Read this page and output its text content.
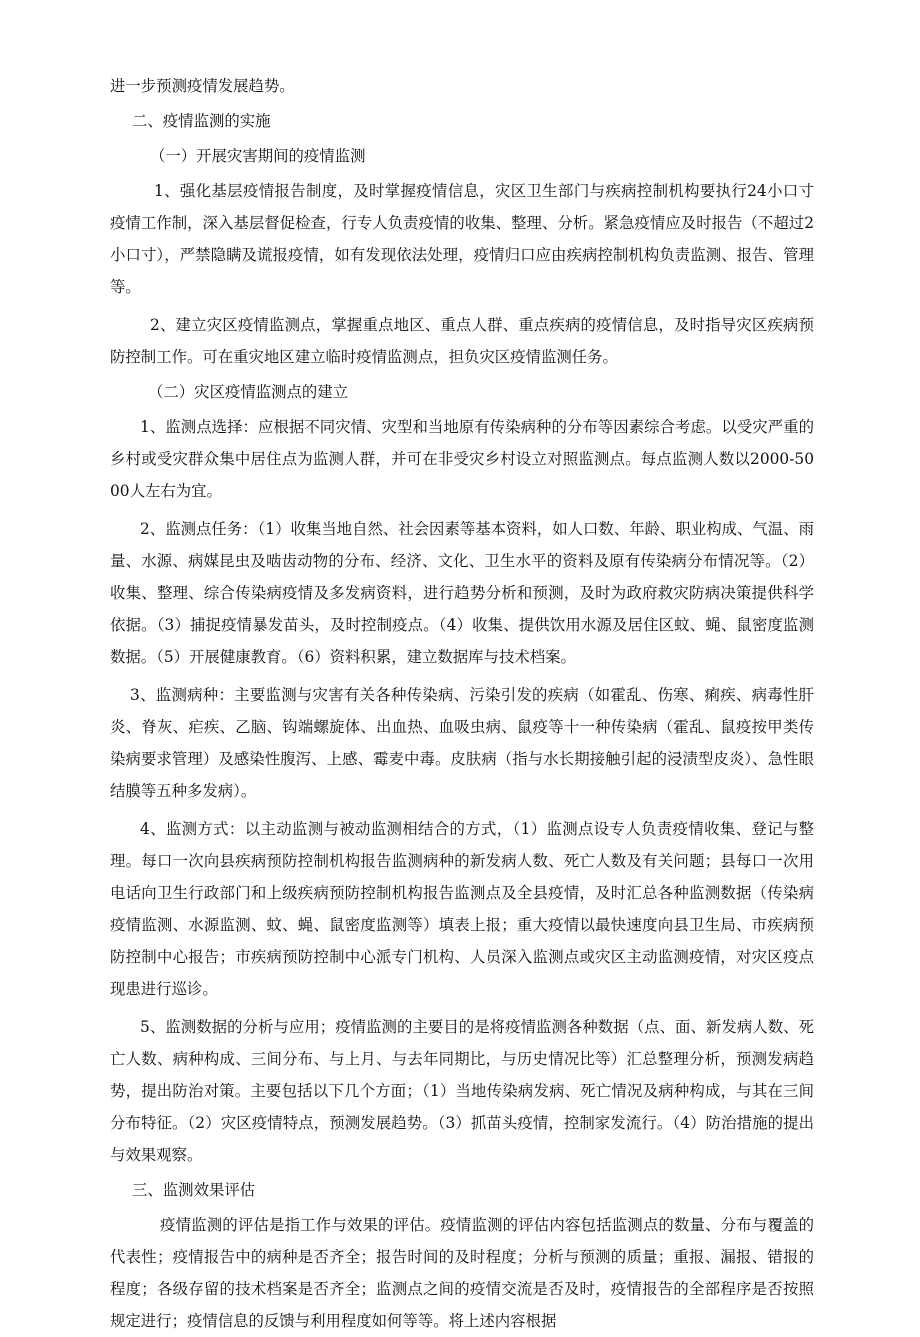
进一步预测疫情发展趋势。

二、疫情监测的实施

（一）开展灾害期间的疫情监测

1、强化基层疫情报告制度，及时掌握疫情信息，灾区卫生部门与疾病控制机构要执行24小口寸疫情工作制，深入基层督促检查，行专人负责疫情的收集、整理、分析。紧急疫情应及时报告（不超过2小口寸），严禁隐瞒及谎报疫情，如有发现依法处理，疫情归口应由疾病控制机构负责监测、报告、管理等。

2、建立灾区疫情监测点，掌握重点地区、重点人群、重点疾病的疫情信息，及时指导灾区疾病预防控制工作。可在重灾地区建立临时疫情监测点，担负灾区疫情监测任务。

（二）灾区疫情监测点的建立

1、监测点选择：应根据不同灾情、灾型和当地原有传染病种的分布等因素综合考虑。以受灾严重的乡村或受灾群众集中居住点为监测人群，并可在非受灾乡村设立对照监测点。每点监测人数以2000-5000人左右为宜。

2、监测点任务：（1）收集当地自然、社会因素等基本资料，如人口数、年龄、职业构成、气温、雨量、水源、病媒昆虫及啮齿动物的分布、经济、文化、卫生水平的资料及原有传染病分布情况等。（2）收集、整理、综合传染病疫情及多发病资料，进行趋势分析和预测，及时为政府救灾防病决策提供科学依据。（3）捕捉疫情暴发苗头，及时控制疫点。（4）收集、提供饮用水源及居住区蚊、蝇、鼠密度监测数据。（5）开展健康教育。（6）资料积累，建立数据库与技术档案。

3、监测病种：主要监测与灾害有关各种传染病、污染引发的疾病（如霍乱、伤寒、痢疾、病毒性肝炎、脊灰、疟疾、乙脑、钩端螺旋体、出血热、血吸虫病、鼠疫等十一种传染病（霍乱、鼠疫按甲类传染病要求管理）及感染性腹泻、上感、霉麦中毒。皮肤病（指与水长期接触引起的浸渍型皮炎）、急性眼结膜等五种多发病）。

4、监测方式：以主动监测与被动监测相结合的方式，（1）监测点设专人负责疫情收集、登记与整理。每口一次向县疾病预防控制机构报告监测病种的新发病人数、死亡人数及有关问题；县每口一次用电话向卫生行政部门和上级疾病预防控制机构报告监测点及全县疫情，及时汇总各种监测数据（传染病疫情监测、水源监测、蚊、蝇、鼠密度监测等）填表上报；重大疫情以最快速度向县卫生局、市疾病预防控制中心报告；市疾病预防控制中心派专门机构、人员深入监测点或灾区主动监测疫情，对灾区疫点现患进行巡诊。

5、监测数据的分析与应用；疫情监测的主要目的是将疫情监测各种数据（点、面、新发病人数、死亡人数、病种构成、三间分布、与上月、与去年同期比，与历史情况比等）汇总整理分析，预测发病趋势，提出防治对策。主要包括以下几个方面；（1）当地传染病发病、死亡情况及病种构成，与其在三间分布特征。（2）灾区疫情特点，预测发展趋势。（3）抓苗头疫情，控制家发流行。（4）防治措施的提出与效果观察。

三、监测效果评估

疫情监测的评估是指工作与效果的评估。疫情监测的评估内容包括监测点的数量、分布与覆盖的代表性；疫情报告中的病种是否齐全；报告时间的及时程度；分析与预测的质量；重报、漏报、错报的程度；各级存留的技术档案是否齐全；监测点之间的疫情交流是否及时，疫情报告的全部程序是否按照规定进行；疫情信息的反馈与利用程度如何等等。将上述内容根据
